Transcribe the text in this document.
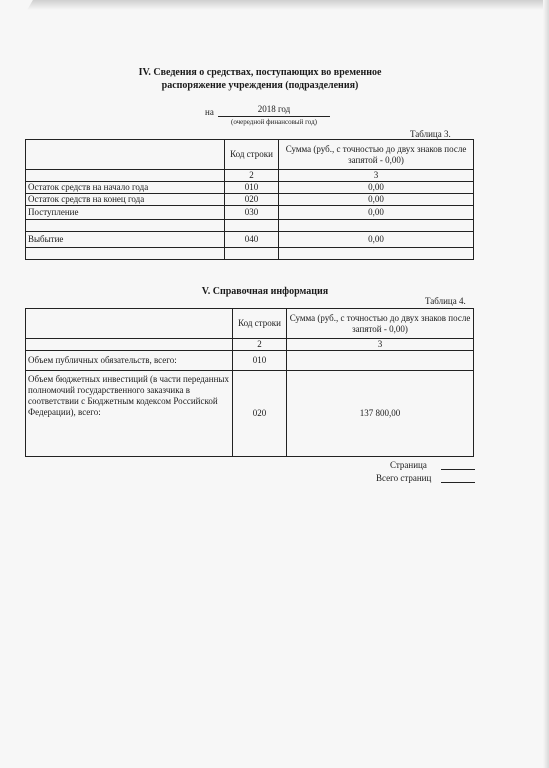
IV. Сведения о средствах, поступающих во временное
распоряжение учреждения (подразделения)
на	2018 год
(очередной финансовый год)
Таблица 3.
	Код строки	Сумма (руб., с точностью до двух знаков после запятой - 0,00)
	2	3
Остаток средств на начало года	010	0,00
Остаток средств на конец года	020	0,00
Поступление	030	0,00

Выбытие	040	0,00

V. Справочная информация
Таблица 4.
	Код строки	Сумма (руб., с точностью до двух знаков после запятой - 0,00)
	2	3
Объем публичных обязательств, всего:	010	
Объем бюджетных инвестиций (в части переданных полномочий государственного заказчика в соответствии с Бюджетным кодексом Российской Федерации), всего:	020	137 800,00
Страница
Всего страниц
